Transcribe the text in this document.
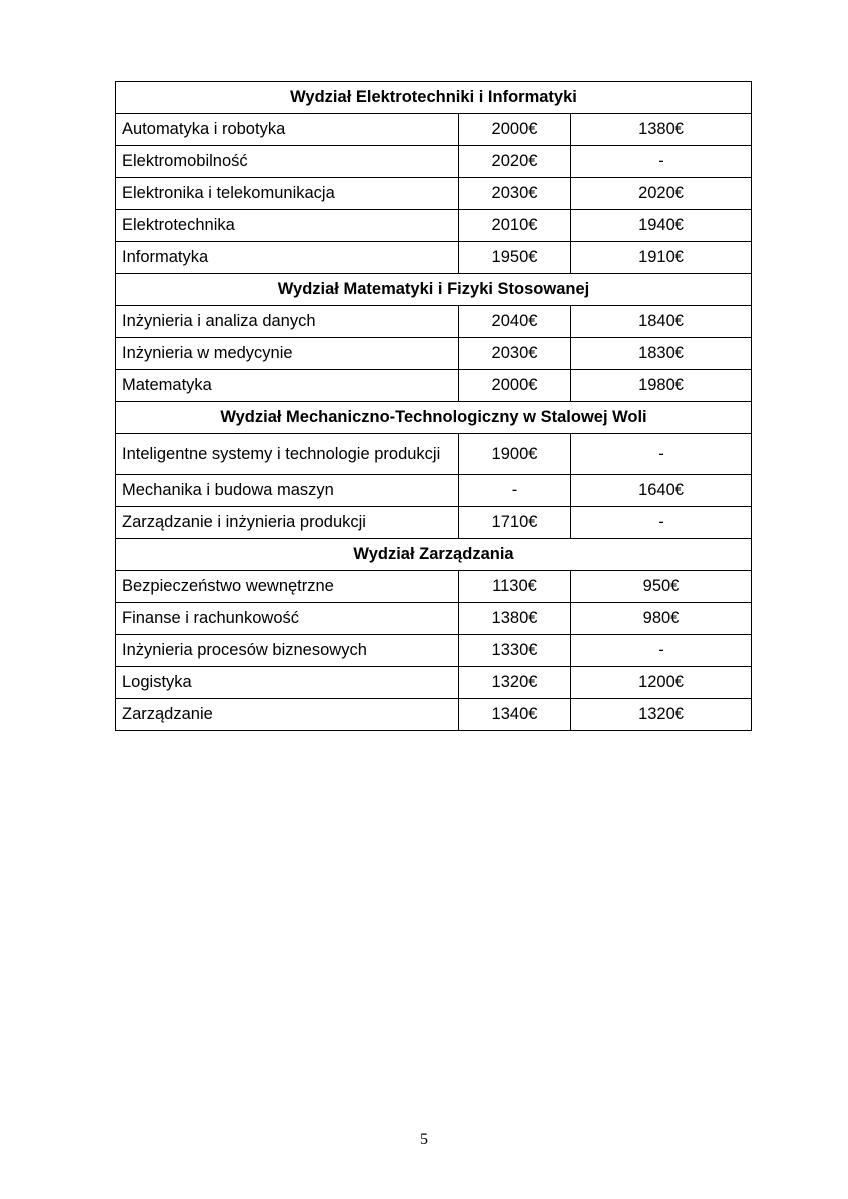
Wydział Elektrotechniki i Informatyki		
Automatyka i robotyka	2000€	1380€
Elektromobilność	2020€	-
Elektronika i telekomunikacja	2030€	2020€
Elektrotechnika	2010€	1940€
Informatyka	1950€	1910€
Wydział Matematyki i Fizyki Stosowanej		
Inżynieria i analiza danych	2040€	1840€
Inżynieria w medycynie	2030€	1830€
Matematyka	2000€	1980€
Wydział Mechaniczno-Technologiczny w Stalowej Woli		
Inteligentne systemy i technologie produkcji	1900€	-
Mechanika i budowa maszyn	-	1640€
Zarządzanie i inżynieria produkcji	1710€	-
Wydział Zarządzania		
Bezpieczeństwo wewnętrzne	1130€	950€
Finanse i rachunkowość	1380€	980€
Inżynieria procesów biznesowych	1330€	-
Logistyka	1320€	1200€
Zarządzanie	1340€	1320€
5
